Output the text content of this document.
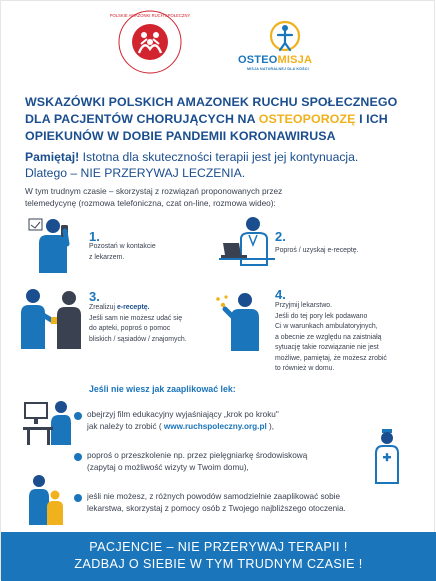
POLSKIE AMAZONKI RUCH SPOŁECZNY
OSTEOMISJA
MISJA NATURALNEJ DLA KOŚCI
WSKAZÓWKI POLSKICH AMAZONEK RUCHU SPOŁECZNEGO
DLA PACJENTÓW CHORUJĄCYCH NA OSTEOPOROZĘ I ICH
OPIEKUNÓW W DOBIE PANDEMII KORONAWIRUSA
Pamiętaj! Istotna dla skuteczności terapii jest jej kontynuacja.
Dlatego – NIE PRZERYWAJ LECZENIA.
W tym trudnym czasie – skorzystaj z rozwiązań proponowanych przez
telemedycynę (rozmowa telefoniczna, czat on-line, rozmowa wideo):
1.
Pozostań w kontakcie
z lekarzem.
2.
Poproś / uzyskaj e-receptę.
3.
Zrealizuj e-receptę.
Jeśli sam nie możesz udać się
do apteki, poproś o pomoc
bliskich / sąsiadów / znajomych.
4.
Przyjmij lekarstwo.
Jeśli do tej pory lek podawano
Ci w warunkach ambulatoryjnych,
a obecnie ze względu na zaistniałą
sytuację takie rozwiązanie nie jest
możliwe, pamiętaj, że możesz zrobić
to również w domu.
Jeśli nie wiesz jak zaaplikować lek:
obejrzyj film edukacyjny wyjaśniający „krok po kroku"
jak należy to zrobić ( www.ruchspoleczny.org.pl ),
poproś o przeszkolenie np. przez pielęgniarkę środowiskową
(zapytaj o możliwość wizyty w Twoim domu),
jeśli nie możesz, z różnych powodów samodzielnie zaaplikować sobie
lekarstwa, skorzystaj z pomocy osób z Twojego najbliższego otoczenia.
PACJENCIE – NIE PRZERYWAJ TERAPII !
ZADBAJ O SIEBIE W TYM TRUDNYM CZASIE !
